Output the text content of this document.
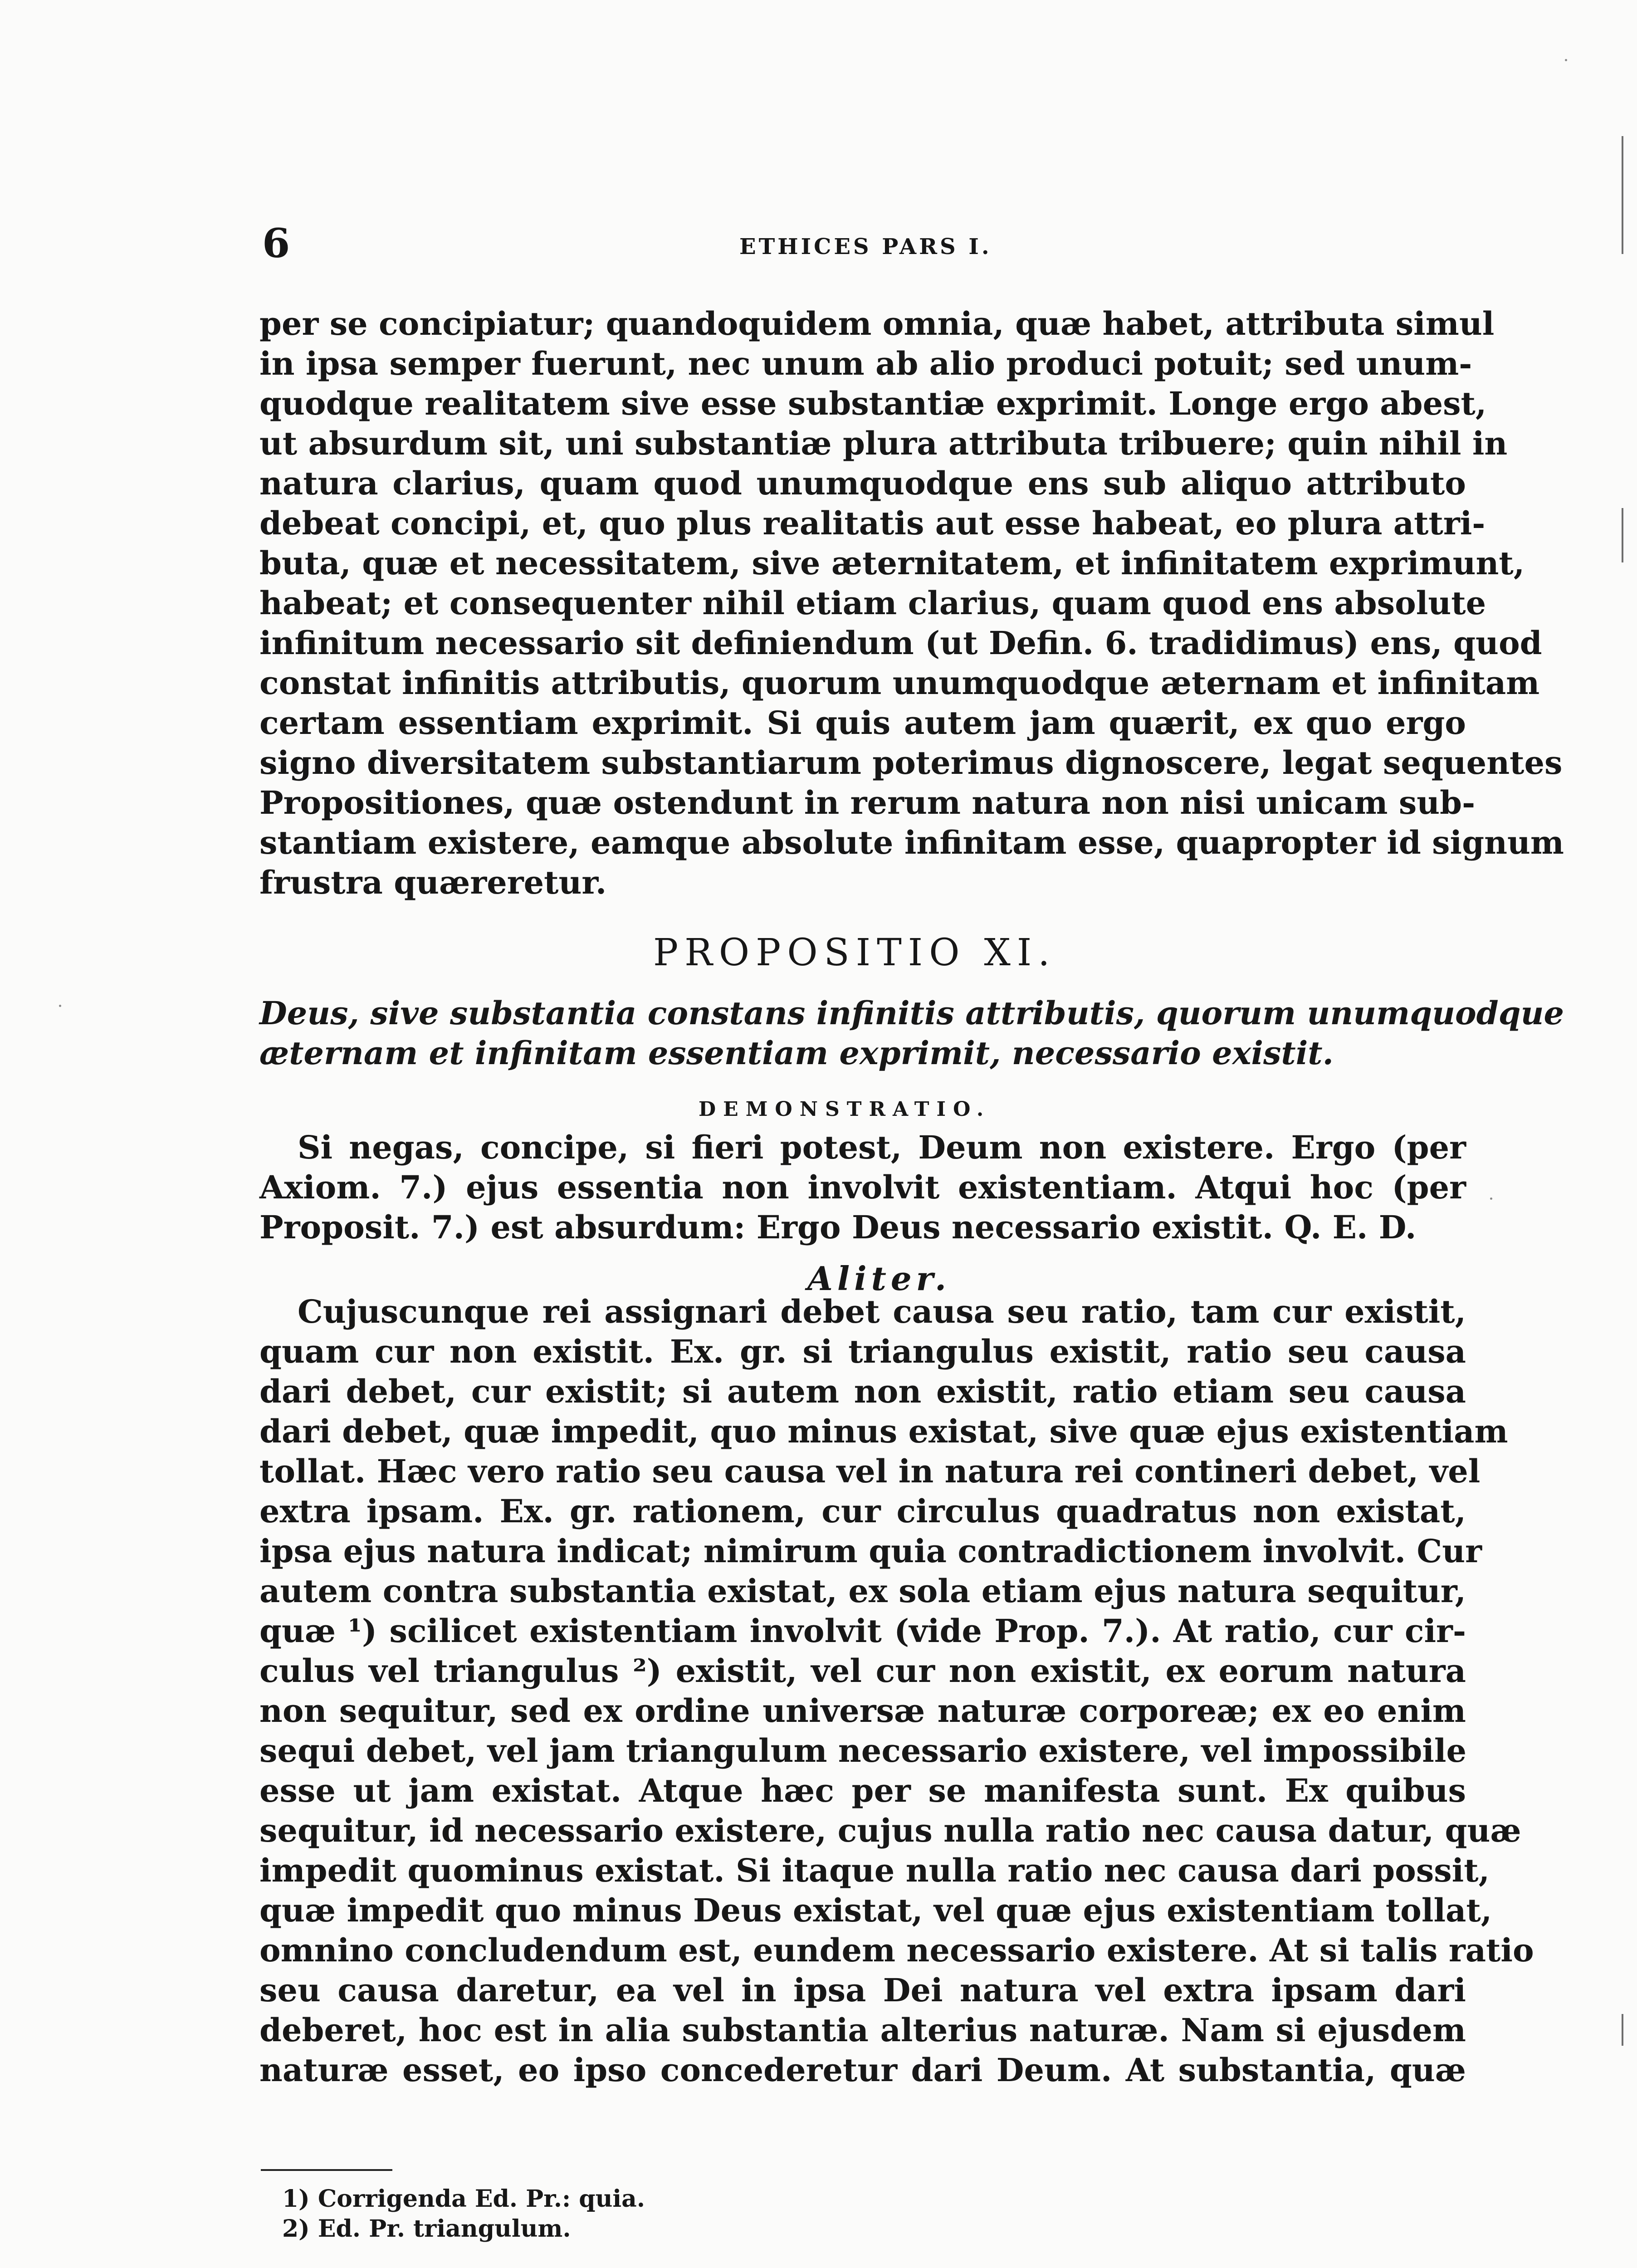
6	ETHICES PARS I.
per se concipiatur; quandoquidem omnia, quæ habet, attributa simul
in ipsa semper fuerunt, nec unum ab alio produci potuit; sed unum-
quodque realitatem sive esse substantiæ exprimit. Longe ergo abest,
ut absurdum sit, uni substantiæ plura attributa tribuere; quin nihil in
natura clarius, quam quod unumquodque ens sub aliquo attributo
debeat concipi, et, quo plus realitatis aut esse habeat, eo plura attri-
buta, quæ et necessitatem, sive æternitatem, et infinitatem exprimunt,
habeat; et consequenter nihil etiam clarius, quam quod ens absolute
infinitum necessario sit definiendum (ut Defin. 6. tradidimus) ens, quod
constat infinitis attributis, quorum unumquodque æternam et infinitam
certam essentiam exprimit. Si quis autem jam quærit, ex quo ergo
signo diversitatem substantiarum poterimus dignoscere, legat sequentes
Propositiones, quæ ostendunt in rerum natura non nisi unicam sub-
stantiam existere, eamque absolute infinitam esse, quapropter id signum
frustra quæreretur.
PROPOSITIO XI.
Deus, sive substantia constans infinitis attributis, quorum unumquodque
æternam et infinitam essentiam exprimit, necessario existit.
DEMONSTRATIO.
Si negas, concipe, si fieri potest, Deum non existere. Ergo (per
Axiom. 7.) ejus essentia non involvit existentiam. Atqui hoc (per
Proposit. 7.) est absurdum: Ergo Deus necessario existit. Q. E. D.
Aliter.
Cujuscunque rei assignari debet causa seu ratio, tam cur existit,
quam cur non existit. Ex. gr. si triangulus existit, ratio seu causa
dari debet, cur existit; si autem non existit, ratio etiam seu causa
dari debet, quæ impedit, quo minus existat, sive quæ ejus existentiam
tollat. Hæc vero ratio seu causa vel in natura rei contineri debet, vel
extra ipsam. Ex. gr. rationem, cur circulus quadratus non existat,
ipsa ejus natura indicat; nimirum quia contradictionem involvit. Cur
autem contra substantia existat, ex sola etiam ejus natura sequitur,
quæ ¹) scilicet existentiam involvit (vide Prop. 7.). At ratio, cur cir-
culus vel triangulus ²) existit, vel cur non existit, ex eorum natura
non sequitur, sed ex ordine universæ naturæ corporeæ; ex eo enim
sequi debet, vel jam triangulum necessario existere, vel impossibile
esse ut jam existat. Atque hæc per se manifesta sunt. Ex quibus
sequitur, id necessario existere, cujus nulla ratio nec causa datur, quæ
impedit quominus existat. Si itaque nulla ratio nec causa dari possit,
quæ impedit quo minus Deus existat, vel quæ ejus existentiam tollat,
omnino concludendum est, eundem necessario existere. At si talis ratio
seu causa daretur, ea vel in ipsa Dei natura vel extra ipsam dari
deberet, hoc est in alia substantia alterius naturæ. Nam si ejusdem
naturæ esset, eo ipso concederetur dari Deum. At substantia, quæ
1) Corrigenda Ed. Pr.: quia.
2) Ed. Pr. triangulum.
